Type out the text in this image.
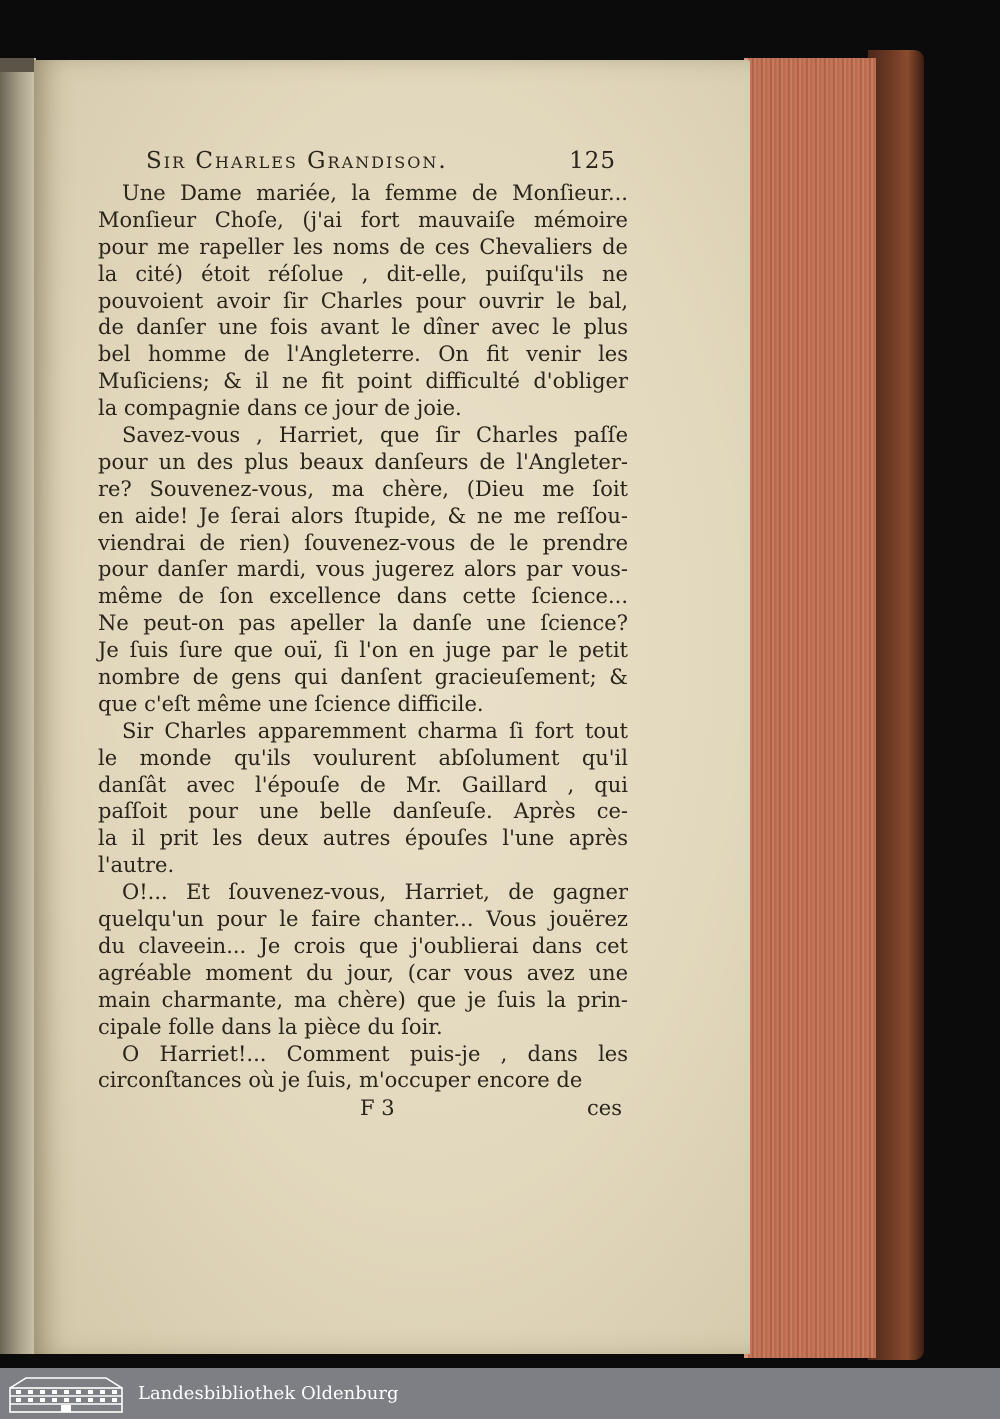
Sir Charles Grandison.	125

Une Dame mariée, la femme de Monſieur...
Monſieur Choſe, (j'ai fort mauvaiſe mémoire
pour me rapeller les noms de ces Chevaliers de
la cité) étoit réſolue , dit-elle, puiſqu'ils ne
pouvoient avoir ſir Charles pour ouvrir le bal,
de danſer une fois avant le dîner avec le plus
bel homme de l'Angleterre. On fit venir les
Muſiciens; & il ne fit point difficulté d'obliger
la compagnie dans ce jour de joie.

Savez-vous , Harriet, que ſir Charles paſſe
pour un des plus beaux danſeurs de l'Angleter-
re? Souvenez-vous, ma chère, (Dieu me ſoit
en aide! Je ſerai alors ſtupide, & ne me reſſou-
viendrai de rien) ſouvenez-vous de le prendre
pour danſer mardi, vous jugerez alors par vous-
même de ſon excellence dans cette ſcience...
Ne peut-on pas apeller la danſe une ſcience?
Je ſuis ſure que ouï, ſi l'on en juge par le petit
nombre de gens qui danſent gracieuſement; &
que c'eſt même une ſcience difficile.

Sir Charles apparemment charma ſi fort tout
le monde qu'ils voulurent abſolument qu'il
danſât avec l'épouſe de Mr. Gaillard , qui
paſſoit pour une belle danſeuſe. Après ce-
la il prit les deux autres épouſes l'une après
l'autre.

O!... Et ſouvenez-vous, Harriet, de gagner
quelqu'un pour le faire chanter... Vous jouërez
du claveein... Je crois que j'oublierai dans cet
agréable moment du jour, (car vous avez une
main charmante, ma chère) que je ſuis la prin-
cipale folle dans la pièce du ſoir.

O Harriet!... Comment puis-je , dans les
circonſtances où je ſuis, m'occuper encore de

F 3	ces
Landesbibliothek Oldenburg
